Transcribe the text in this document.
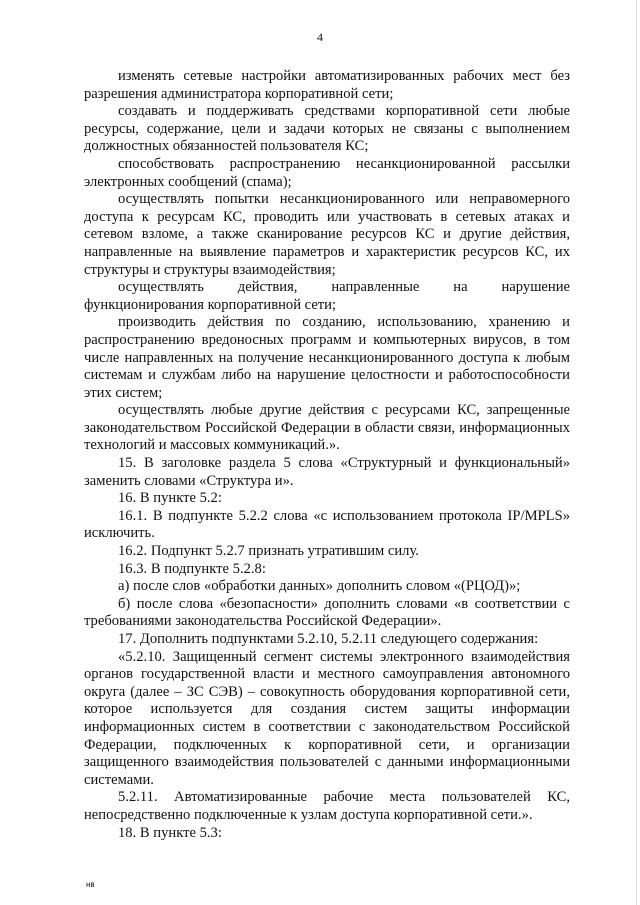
4

изменять сетевые настройки автоматизированных рабочих мест без разрешения администратора корпоративной сети;

создавать и поддерживать средствами корпоративной сети любые ресурсы, содержание, цели и задачи которых не связаны с выполнением должностных обязанностей пользователя КС;

способствовать распространению несанкционированной рассылки электронных сообщений (спама);

осуществлять попытки несанкционированного или неправомерного доступа к ресурсам КС, проводить или участвовать в сетевых атаках и сетевом взломе, а также сканирование ресурсов КС и другие действия, направленные на выявление параметров и характеристик ресурсов КС, их структуры и структуры взаимодействия;

осуществлять действия, направленные на нарушение функционирования корпоративной сети;

производить действия по созданию, использованию, хранению и распространению вредоносных программ и компьютерных вирусов, в том числе направленных на получение несанкционированного доступа к любым системам и службам либо на нарушение целостности и работоспособности этих систем;

осуществлять любые другие действия с ресурсами КС, запрещенные законодательством Российской Федерации в области связи, информационных технологий и массовых коммуникаций.».

15. В заголовке раздела 5 слова «Структурный и функциональный» заменить словами «Структура и».

16. В пункте 5.2:

16.1. В подпункте 5.2.2 слова «с использованием протокола IP/MPLS» исключить.

16.2. Подпункт 5.2.7 признать утратившим силу.

16.3. В подпункте 5.2.8:

а) после слов «обработки данных» дополнить словом «(РЦОД)»;

б) после слова «безопасности» дополнить словами «в соответствии с требованиями законодательства Российской Федерации».

17. Дополнить подпунктами 5.2.10, 5.2.11 следующего содержания:

«5.2.10. Защищенный сегмент системы электронного взаимодействия органов государственной власти и местного самоуправления автономного округа (далее – ЗС СЭВ) – совокупность оборудования корпоративной сети, которое используется для создания систем защиты информации информационных систем в соответствии с законодательством Российской Федерации, подключенных к корпоративной сети, и организации защищенного взаимодействия пользователей с данными информационными системами.

5.2.11. Автоматизированные рабочие места пользователей КС, непосредственно подключенные к узлам доступа корпоративной сети.».

18. В пункте 5.3:

нв
